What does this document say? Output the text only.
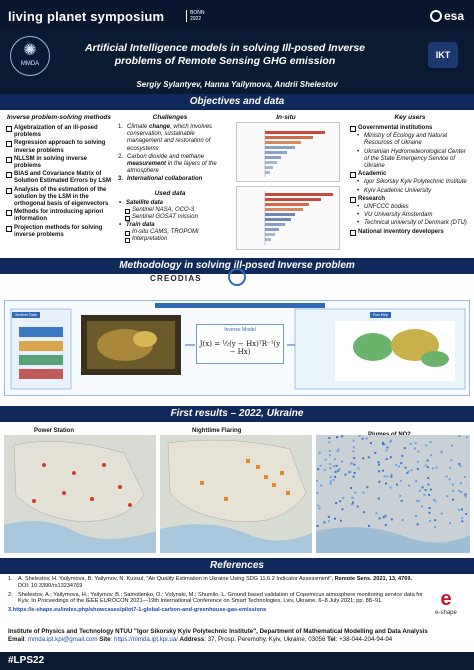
living planet symposium	BONN
2022	esa
✺
MMDA
Artificial Intelligence models in solving Ill-posed Inverse
problems of Remote Sensing GHG emission	IKT
Sergiy Sylantyev, Hanna Yailymova, Andrii Shelestov
Objectives and data
Inverse problem-solving methods
Algebraization of an ill-posed problems
Regression approach to solving inverse problems
NLLSM in solving inverse problems
BIAS and Covariance Matrix of Solution Estimated Errors by LSM
Analysis of the estimation of the solution by the LSM in the orthogonal basis of eigenvectors
Methods for introducing apriori information
Projection methods for solving inverse problems
Challenges
1. Climate change, which involves conservation, sustainable management and restoration of ecosystems
2. Carbon dioxide and methane measurement in the layers of the atmosphere
3. International collaboration
Used data
• Satellite data
Sentinel NASA, OCO-3
Sentinel GOSAT mission
• Train data
In-situ CAMS, TROPOMI
Interpretation
In-situ	Key users
Governmental institutions
• Ministry of Ecology and Natural Resources of Ukraine
• Ukrainian Hydrometeorological Center of the State Emergency Service of Ukraine
Academic
• Igor Sikorsky Kyiv Polytechnic Institute
• Kyiv Academic University
Research
• UNFCCC bodies
• VU University Amsterdam
• Technical university of Denmark (DTU)
National inventory developers
Methodology in solving ill-posed Inverse problem
CREODIAS
Sentinel Data
Inverse Model
J(x) = ½(y − Hx)ᵀR⁻¹(y − Hx)
Flux Map
First results – 2022, Ukraine
Power Station	Nighttime Flaring
References
1. A. Shelestov, H. Yailymova, B. Yailymov, N. Kussul, "Air Quality Estimation in Ukraine Using SDG 11.6.2 Indicator Assessment", Remote Sens. 2021, 13, 4769. DOI: 10.3390/rs13234769
2. Shelestov, A.; Yailymova, H.; Yailymov, B.; Samoilenko, O.; Volynski, M.; Shumilo, L. Ground based validation of Copernicus atmosphere monitoring service data for Kyiv. In Proceedings of the IEEE EUROCON 2021—19th International Conference on Smart Technologies, Lviv, Ukraine, 6–8 July 2021; pp. 88–91.
3.https://e-shape.eu/index.php/showcases/pilot7-1-global-carbon-and-greenhouse-gas-emissions
e
e-shape
Institute of Physics and Technology NTUU "Igor Sikorsky Kyiv Polytechnic Institute", Department of Mathematical Modelling and Data Analysis
Email: mmda.ipt.kpi@gmail.com Site: https://mmda.ipt.kpi.ua/ Address: 37, Prosp. Peremohy, Kyiv, Ukraine, 03056 Tel: +38-044-204-94-94
#LPS22
